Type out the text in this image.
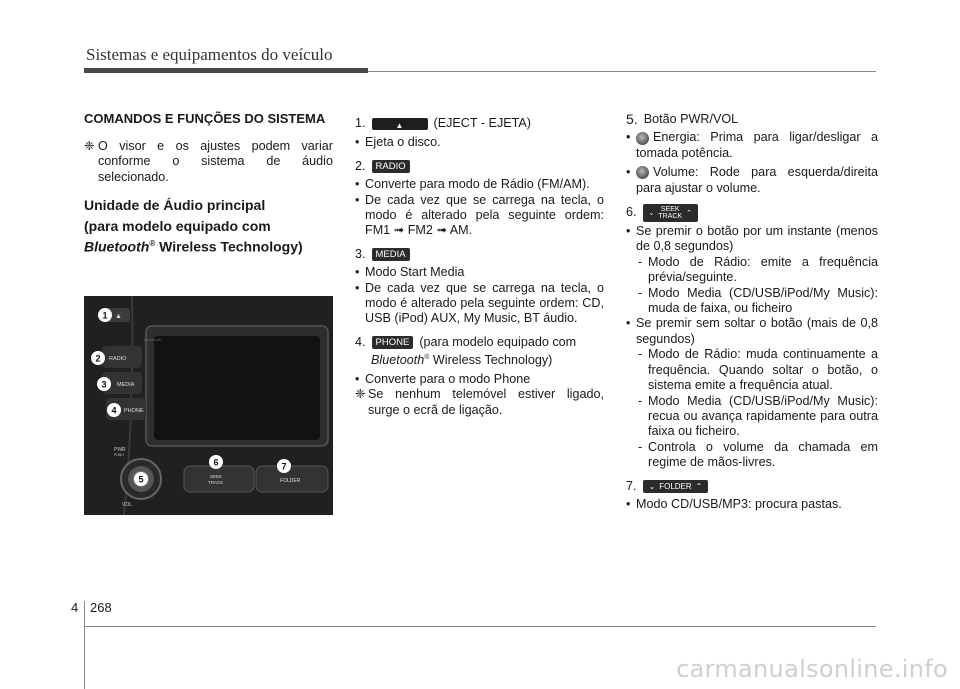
Sistemas e equipamentos do veículo

COMANDOS E FUNÇÕES DO SISTEMA

❈ O visor e os ajustes podem variar conforme o sistema de áudio selecionado.

Unidade de Áudio principal

(para modelo equipado com
Bluetooth® Wireless Technology)

Bluetooth
▲
RADIO
MEDIA
PHONE
PWR
PUSH
VOL
SEEK
TRACK	FOLDER
1
2
3
4
5
6	7
1.
▲	(EJECT - EJETA)
• Ejeta o disco.
2.	RADIO
• Converte para modo de Rádio (FM/AM).
• De cada vez que se carrega na tecla, o modo é alterado pela seguinte ordem: FM1 ➟ FM2 ➟ AM.
3.	MEDIA
• Modo Start Media
• De cada vez que se carrega na tecla, o modo é alterado pela seguinte ordem: CD, USB (iPod) AUX, My Music, BT áudio.
4.	PHONE (para modelo equipado com
Bluetooth® Wireless Technology)
• Converte para o modo Phone
❈ Se nenhum telemóvel estiver ligado, surge o ecrã de ligação.
5. Botão PWR/VOL
•	Energia: Prima para ligar/desligar a tomada potência.
•	Volume: Rode para esquerda/direita para ajustar o volume.
6. ⌄ SEEK
TRACK ⌃
• Se premir o botão por um instante (menos de 0,8 segundos)
- Modo de Rádio: emite a frequência prévia/seguinte.
- Modo Media (CD/USB/iPod/My Music): muda de faixa, ou ficheiro
• Se premir sem soltar o botão (mais de 0,8 segundos)
- Modo de Rádio: muda continuamente a frequência. Quando soltar o botão, o sistema emite a frequência atual.
- Modo Media (CD/USB/iPod/My Music): recua ou avança rapidamente para outra faixa ou ficheiro.
- Controla o volume da chamada em regime de mãos-livres.
7. ⌄ FOLDER ⌃
• Modo CD/USB/MP3: procura pastas.
4 268
carmanualsonline.info
